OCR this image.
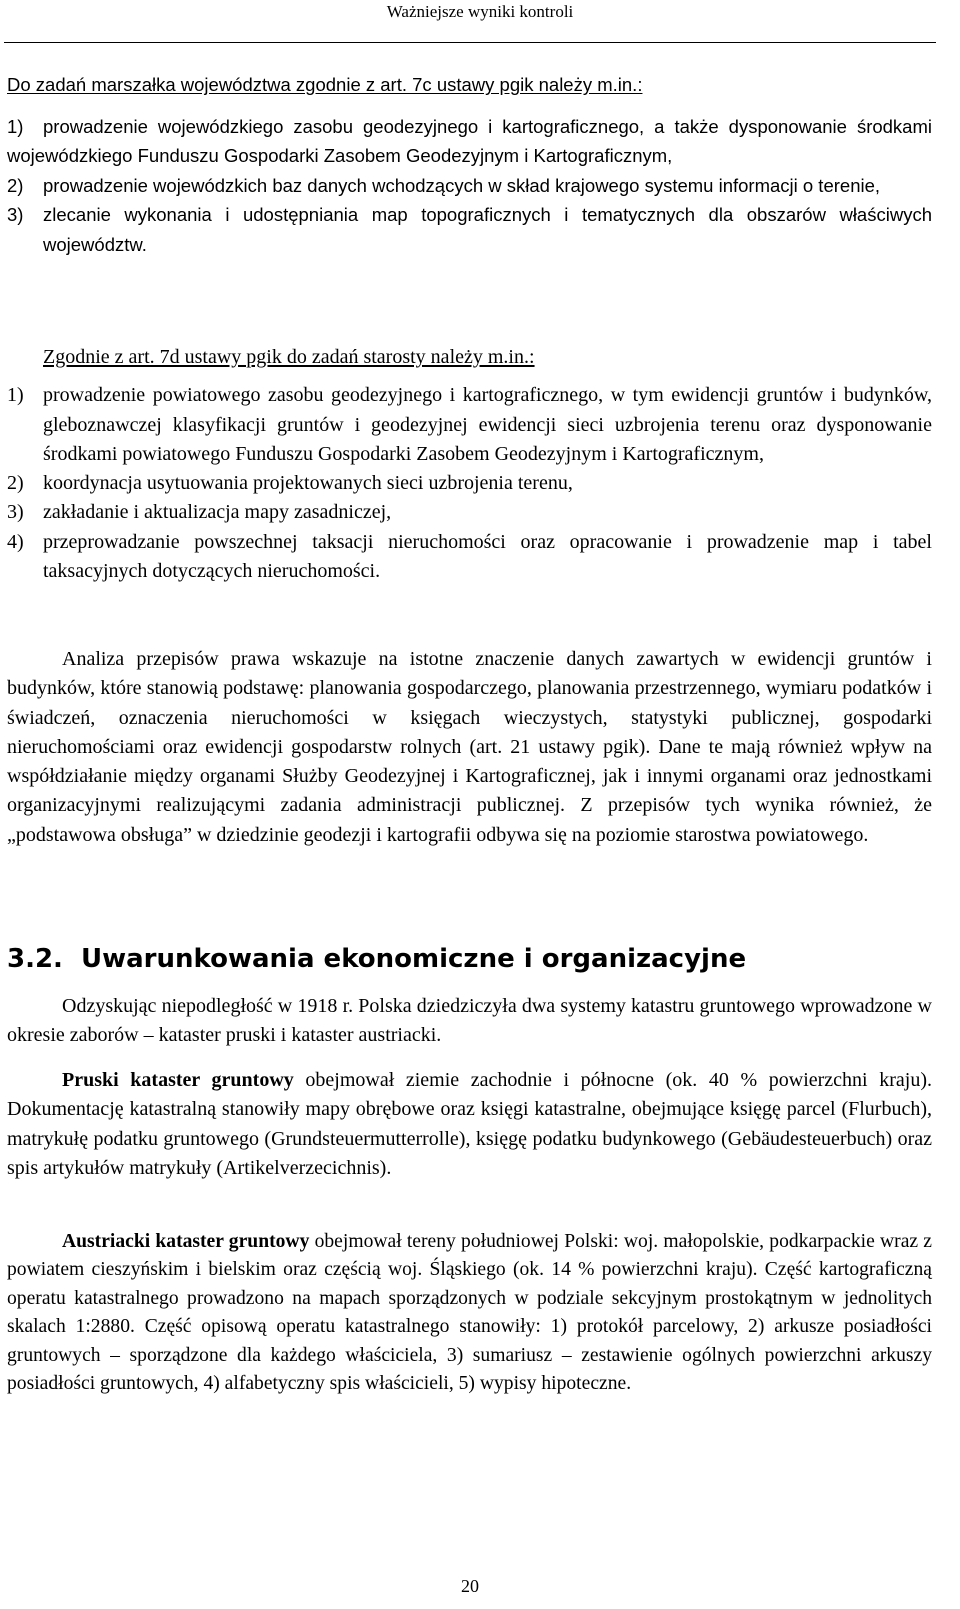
Ważniejsze wyniki kontroli
Do zadań marszałka województwa zgodnie z art. 7c ustawy pgik należy m.in.:
1)	prowadzenie wojewódzkiego zasobu geodezyjnego i kartograficznego, a także dysponowanie środkami wojewódzkiego Funduszu Gospodarki Zasobem Geodezyjnym i Kartograficznym,
2) prowadzenie wojewódzkich baz danych wchodzących w skład krajowego systemu informacji o terenie,
3) zlecanie wykonania i udostępniania map topograficznych i tematycznych dla obszarów właściwych województw.
Zgodnie z art. 7d ustawy pgik do zadań starosty należy m.in.:
1) prowadzenie powiatowego zasobu geodezyjnego i kartograficznego, w tym ewidencji gruntów i budynków, gleboznawczej klasyfikacji gruntów i geodezyjnej ewidencji sieci uzbrojenia terenu oraz dysponowanie środkami powiatowego Funduszu Gospodarki Zasobem Geodezyjnym i Kartograficznym,
2) koordynacja usytuowania projektowanych sieci uzbrojenia terenu,
3) zakładanie i aktualizacja mapy zasadniczej,
4) przeprowadzanie powszechnej taksacji nieruchomości oraz opracowanie i prowadzenie map i tabel taksacyjnych dotyczących nieruchomości.
Analiza przepisów prawa wskazuje na istotne znaczenie danych zawartych w ewidencji gruntów i budynków, które stanowią podstawę: planowania gospodarczego, planowania przestrzennego, wymiaru podatków i świadczeń, oznaczenia nieruchomości w księgach wieczystych, statystyki publicznej, gospodarki nieruchomościami oraz ewidencji gospodarstw rolnych (art. 21 ustawy pgik). Dane te mają również wpływ na współdziałanie między organami Służby Geodezyjnej i Kartograficznej, jak i innymi organami oraz jednostkami organizacyjnymi realizującymi zadania administracji publicznej. Z przepisów tych wynika również, że „podstawowa obsługa” w dziedzinie geodezji i kartografii odbywa się na poziomie starostwa powiatowego.
3.2. Uwarunkowania ekonomiczne i organizacyjne
Odzyskując niepodległość w 1918 r. Polska dziedziczyła dwa systemy katastru gruntowego wprowadzone w okresie zaborów – kataster pruski i kataster austriacki.
Pruski kataster gruntowy obejmował ziemie zachodnie i północne (ok. 40 % powierzchni kraju). Dokumentację katastralną stanowiły mapy obrębowe oraz księgi katastralne, obejmujące księgę parcel (Flurbuch), matrykułę podatku gruntowego (Grundsteuermutterrolle), księgę podatku budynkowego (Gebäudesteuerbuch) oraz spis artykułów matrykuły (Artikelverzecichnis).
Austriacki kataster gruntowy obejmował tereny południowej Polski: woj. małopolskie, podkarpackie wraz z powiatem cieszyńskim i bielskim oraz częścią woj. Śląskiego (ok. 14 % powierzchni kraju). Część kartograficzną operatu katastralnego prowadzono na mapach sporządzonych w podziale sekcyjnym prostokątnym w jednolitych skalach 1:2880. Część opisową operatu katastralnego stanowiły: 1) protokół parcelowy, 2) arkusze posiadłości gruntowych – sporządzone dla każdego właściciela, 3) sumariusz – zestawienie ogólnych powierzchni arkuszy posiadłości gruntowych, 4) alfabetyczny spis właścicieli, 5) wypisy hipoteczne.
20
